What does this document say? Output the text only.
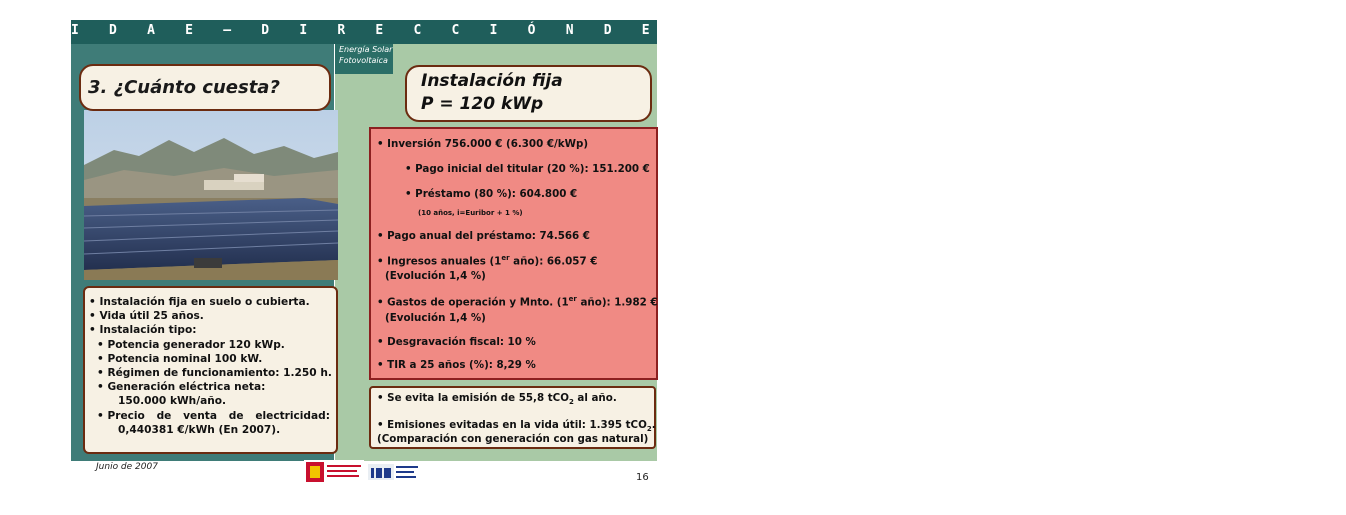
I D A E – D I R E C C I Ó N D E E N E R G Í A S R E N O V A B L E S
Energía Solar
Fotovoltaica
3. ¿Cuánto cuesta?	Instalación fija
P = 120 kWp
• Instalación fija en suelo o cubierta.
• Vida útil 25 años.
• Instalación tipo:
• Potencia generador 120 kWp.
• Potencia nominal 100 kW.
• Régimen de funcionamiento: 1.250 h.
• Generación eléctrica neta:
150.000 kWh/año.
• Precio de venta de electricidad:
0,440381 €/kWh (En 2007).
• Inversión 756.000 € (6.300 €/kWp)
• Pago inicial del titular (20 %): 151.200 €
• Préstamo (80 %): 604.800 €
(10 años, i=Euribor + 1 %)
• Pago anual del préstamo: 74.566 €
• Ingresos anuales (1er año): 66.057 €
(Evolución 1,4 %)
• Gastos de operación y Mnto. (1er año): 1.982 €
(Evolución 1,4 %)
• Desgravación fiscal: 10 %
• TIR a 25 años (%): 8,29 %
• Se evita la emisión de 55,8 tCO$_2$ al año.
• Emisiones evitadas en la vida útil: 1.395 tCO$_2$.
(Comparación con generación con gas natural)
Junio de 2007
16
